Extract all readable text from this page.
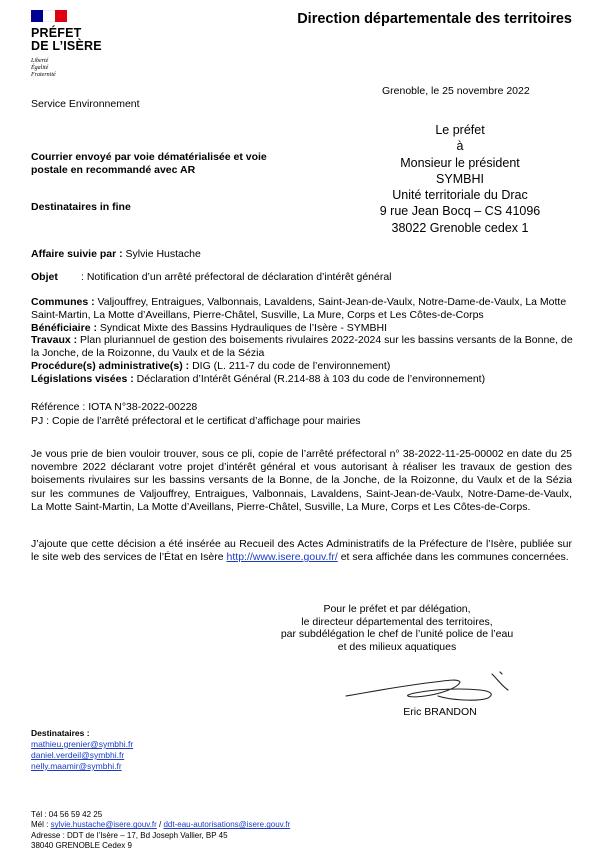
PRÉFET
DE L’ISÈRE
Liberté
Égalité
Fraternité
Direction départementale des territoires
Grenoble, le 25 novembre 2022
Service Environnement
Le préfet
à
Monsieur le président
SYMBHI
Unité territoriale du Drac
9 rue Jean Bocq – CS 41096
38022 Grenoble cedex 1
Courrier envoyé par voie dématérialisée et voie postale en recommandé avec AR
Destinataires in fine
Affaire suivie par : Sylvie Hustache
Objet : Notification d’un arrêté préfectoral de déclaration d’intérêt général

Communes : Valjouffrey, Entraigues, Valbonnais, Lavaldens, Saint-Jean-de-Vaulx, Notre-Dame-de-Vaulx, La Motte Saint-Martin, La Motte d’Aveillans, Pierre-Châtel, Susville, La Mure, Corps et Les Côtes-de-Corps

Bénéficiaire : Syndicat Mixte des Bassins Hydrauliques de l’Isère - SYMBHI

Travaux : Plan pluriannuel de gestion des boisements rivulaires 2022-2024 sur les bassins versants de la Bonne, de la Jonche, de la Roizonne, du Vaulx et de la Sézia

Procédure(s) administrative(s) : DIG (L. 211-7 du code de l’environnement)

Législations visées : Déclaration d’Intérêt Général (R.214-88 à 103 du code de l’environnement)

Référence : IOTA N°38-2022-00228
PJ : Copie de l’arrêté préfectoral et le certificat d’affichage pour mairies
Je vous prie de bien vouloir trouver, sous ce pli, copie de l’arrêté préfectoral n° 38-2022-11-25-00002 en date du 25 novembre 2022 déclarant votre projet d’intérêt général et vous autorisant à réaliser les travaux de gestion des boisements rivulaires sur les bassins versants de la Bonne, de la Jonche, de la Roizonne, du Vaulx et de la Sézia sur les communes de Valjouffrey, Entraigues, Valbonnais, Lavaldens, Saint-Jean-de-Vaulx, Notre-Dame-de-Vaulx, La Motte Saint-Martin, La Motte d’Aveillans, Pierre-Châtel, Susville, La Mure, Corps et Les Côtes-de-Corps.
J’ajoute que cette décision a été insérée au Recueil des Actes Administratifs de la Préfecture de l’Isère, publiée sur le site web des services de l’État en Isère http://www.isere.gouv.fr/ et sera affichée dans les communes concernées.
Pour le préfet et par délégation,
le directeur départemental des territoires,
par subdélégation le chef de l’unité police de l’eau
et des milieux aquatiques
Eric BRANDON
Destinataires :
mathieu.grenier@symbhi.fr
daniel.verdeil@symbhi.fr
nelly.maamir@symbhi.fr
Tél : 04 56 59 42 25
Mél : sylvie.hustache@isere.gouv.fr / ddt-eau-autorisations@isere.gouv.fr
Adresse : DDT de l’Isère – 17, Bd Joseph Vallier, BP 45
38040 GRENOBLE Cedex 9
